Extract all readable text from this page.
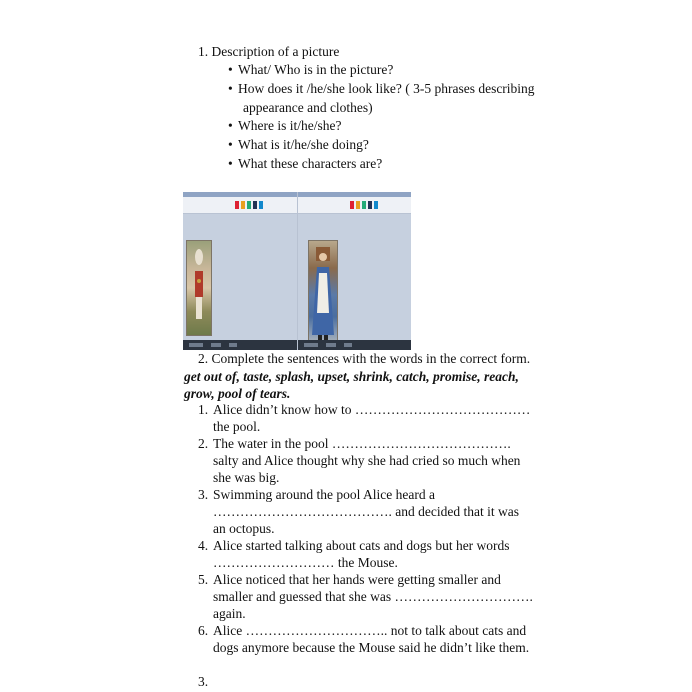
1. Description of a picture
• What/ Who is in the picture?
• How does it /he/she look like? ( 3-5 phrases describing
appearance and clothes)
• Where is it/he/she?
• What is it/he/she doing?
• What these characters are?
2. Complete the sentences with the words in the correct form.
get out of, taste, splash, upset, shrink, catch, promise, reach,
grow, pool of tears.
1. Alice didn’t know how to …………………………………
the pool.
2. The water in the pool ………………………………….
salty and Alice thought why she had cried so much when
she was big.
3. Swimming around the pool Alice heard a
…………………………………. and decided that it was
an octopus.
4. Alice started talking about cats and dogs but her words
……………………… the Mouse.
5. Alice noticed that her hands were getting smaller and
smaller and guessed that she was ………………………….
again.
6. Alice ………………………….. not to talk about cats and
dogs anymore because the Mouse said he didn’t like them.
3.
